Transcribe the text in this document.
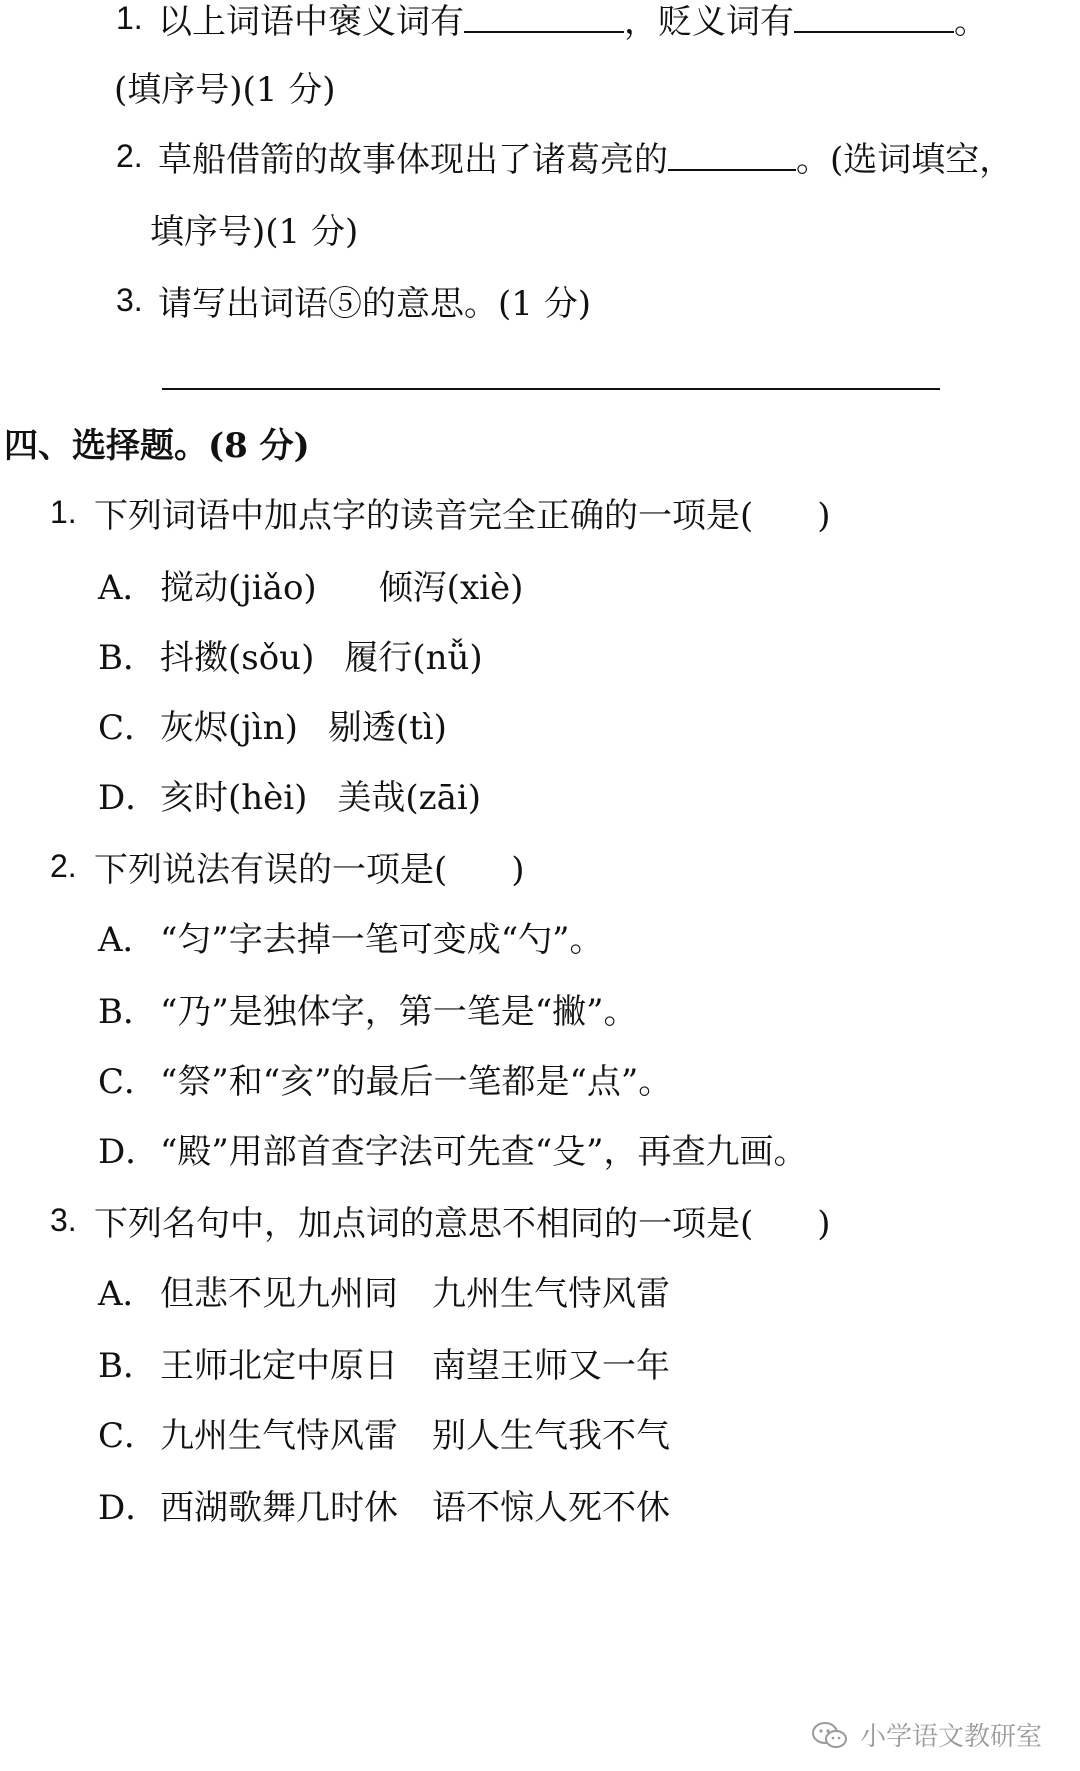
1. 以上词语中褒义词有	，贬义词有	。
(填序号)(1 分)
2. 草船借箭的故事体现出了诸葛亮的	。(选词填空，
填序号)(1 分)
3. 请写出词语⑤的意思。(1 分)
四、选择题。(8 分)
1. 下列词语中加点字的读音完全正确的一项是( )
A． 搅动(jiǎo) 倾泻(xiè)
B．抖擞(sǒu) 履行(nǚ)
C．灰烬(jìn) 剔透(tì)
D．亥时(hèi) 美哉(zāi)
2. 下列说法有误的一项是( )
A． “匀”字去掉一笔可变成“勺”。
B．“乃”是独体字，第一笔是“撇”。
C．“祭”和“亥”的最后一笔都是“点”。
D．“殿”用部首查字法可先查“殳”，再查九画。
3. 下列名句中，加点词的意思不相同的一项是( )
A． 但悲不见九州同 九州生气恃风雷
B．王师北定中原日 南望王师又一年
C．九州生气恃风雷 别人生气我不气
D．西湖歌舞几时休 语不惊人死不休
小学语文教研室
